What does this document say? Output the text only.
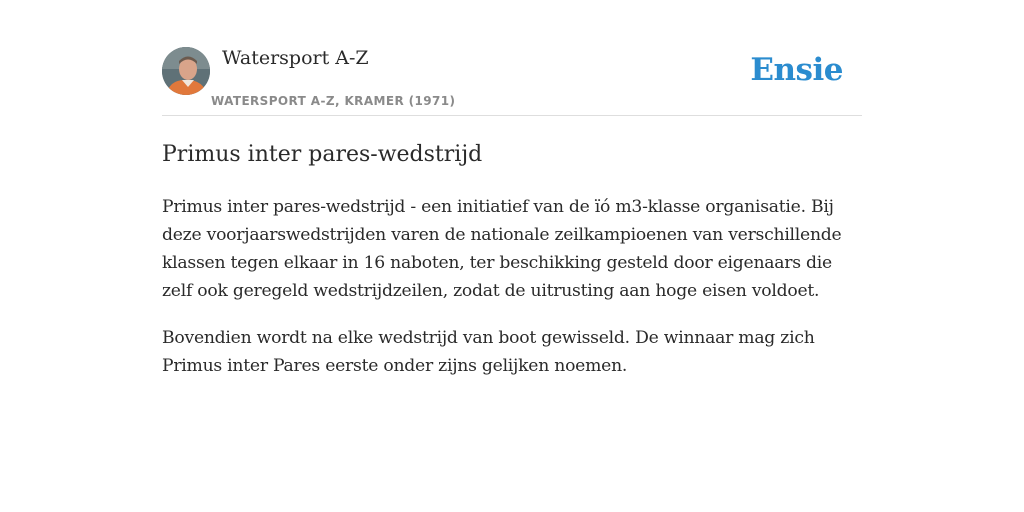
Watersport A-Z
WATERSPORT A-Z, KRAMER (1971)
Ensie
Primus inter pares-wedstrijd

Primus inter pares-wedstrijd - een initiatief van de ïó m3-klasse organisatie. Bij deze voorjaarswedstrijden varen de nationale zeilkampioenen van verschillende klassen tegen elkaar in 16 naboten, ter beschikking gesteld door eigenaars die zelf ook geregeld wedstrijdzeilen, zodat de uitrusting aan hoge eisen voldoet.

Bovendien wordt na elke wedstrijd van boot gewisseld. De winnaar mag zich Primus inter Pares eerste onder zijns gelijken noemen.
